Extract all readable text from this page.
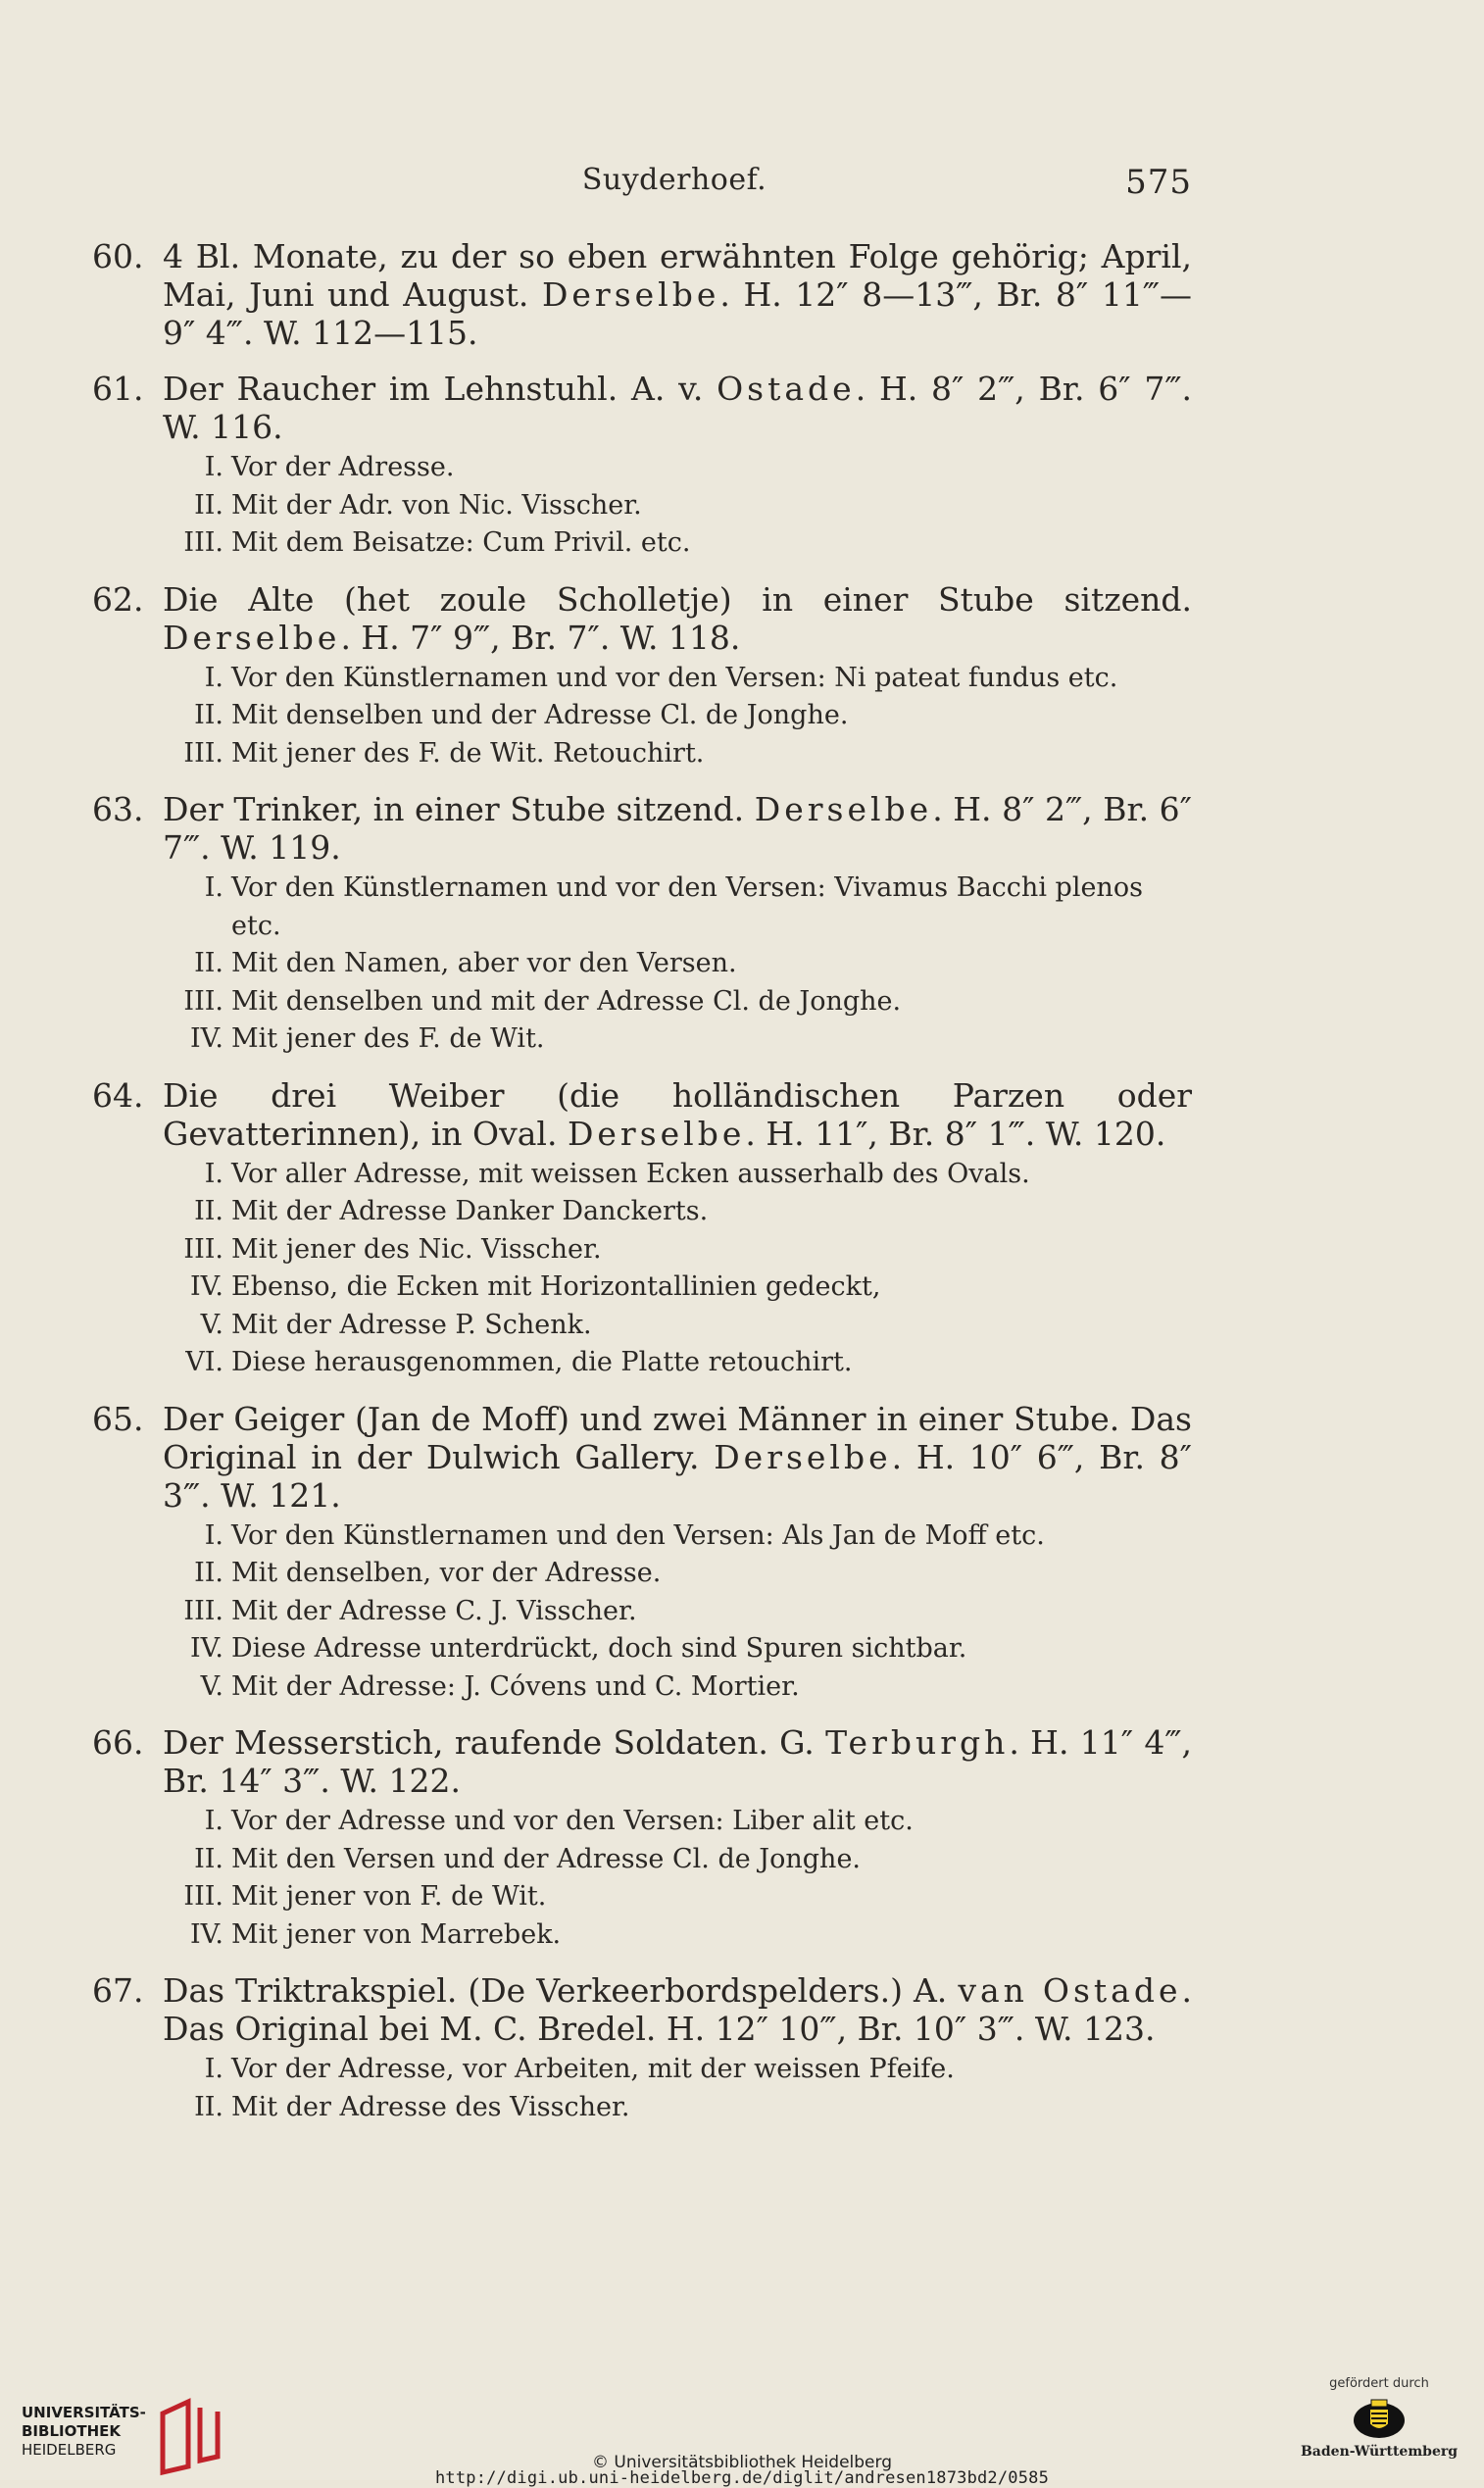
Suyderhoef.	575
60. 4 Bl. Monate, zu der so eben erwähnten Folge gehörig; April, Mai, Juni und August. Derselbe. H. 12″ 8—13‴, Br. 8″ 11‴—9″ 4‴. W. 112—115.
61. Der Raucher im Lehnstuhl. A. v. Ostade. H. 8″ 2‴, Br. 6″ 7‴. W. 116.
I. Vor der Adresse.
II. Mit der Adr. von Nic. Visscher.
III. Mit dem Beisatze: Cum Privil. etc.
62. Die Alte (het zoule Scholletje) in einer Stube sitzend. Derselbe. H. 7″ 9‴, Br. 7″. W. 118.
I. Vor den Künstlernamen und vor den Versen: Ni pateat fundus etc.
II. Mit denselben und der Adresse Cl. de Jonghe.
III. Mit jener des F. de Wit. Retouchirt.
63. Der Trinker, in einer Stube sitzend. Derselbe. H. 8″ 2‴, Br. 6″ 7‴. W. 119.
I. Vor den Künstlernamen und vor den Versen: Vivamus Bacchi plenos etc.
II. Mit den Namen, aber vor den Versen.
III. Mit denselben und mit der Adresse Cl. de Jonghe.
IV. Mit jener des F. de Wit.
64. Die drei Weiber (die holländischen Parzen oder Gevatterinnen), in Oval. Derselbe. H. 11″, Br. 8″ 1‴. W. 120.
I. Vor aller Adresse, mit weissen Ecken ausserhalb des Ovals.
II. Mit der Adresse Danker Danckerts.
III. Mit jener des Nic. Visscher.
IV. Ebenso, die Ecken mit Horizontallinien gedeckt,
V. Mit der Adresse P. Schenk.
VI. Diese herausgenommen, die Platte retouchirt.
65. Der Geiger (Jan de Moff) und zwei Männer in einer Stube. Das Original in der Dulwich Gallery. Derselbe. H. 10″ 6‴, Br. 8″ 3‴. W. 121.
I. Vor den Künstlernamen und den Versen: Als Jan de Moff etc.
II. Mit denselben, vor der Adresse.
III. Mit der Adresse C. J. Visscher.
IV. Diese Adresse unterdrückt, doch sind Spuren sichtbar.
V. Mit der Adresse: J. Cóvens und C. Mortier.
66. Der Messerstich, raufende Soldaten. G. Terburgh. H. 11″ 4‴, Br. 14″ 3‴. W. 122.
I. Vor der Adresse und vor den Versen: Liber alit etc.
II. Mit den Versen und der Adresse Cl. de Jonghe.
III. Mit jener von F. de Wit.
IV. Mit jener von Marrebek.
67. Das Triktrakspiel. (De Verkeerbordspelders.) A. van Ostade. Das Original bei M. C. Bredel. H. 12″ 10‴, Br. 10″ 3‴. W. 123.
I. Vor der Adresse, vor Arbeiten, mit der weissen Pfeife.
II. Mit der Adresse des Visscher.
UNIVERSITÄTS-
BIBLIOTHEK
HEIDELBERG
© Universitätsbibliothek Heidelberg
http://digi.ub.uni-heidelberg.de/diglit/andresen1873bd2/0585
gefördert durch
Baden-Württemberg
